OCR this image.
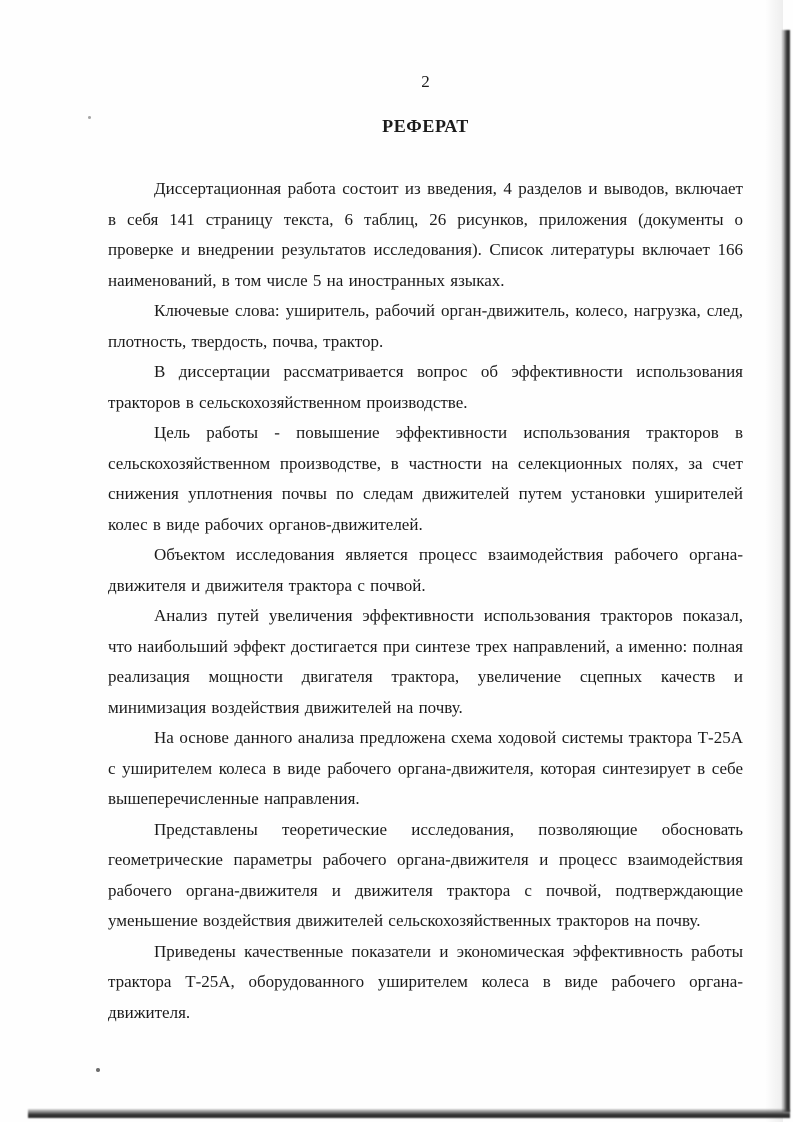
2
РЕФЕРАТ

Диссертационная работа состоит из введения, 4 разделов и выводов, включает в себя 141 страницу текста, 6 таблиц, 26 рисунков, приложения (документы о проверке и внедрении результатов исследования). Список литературы включает 166 наименований, в том числе 5 на иностранных языках.

Ключевые слова: уширитель, рабочий орган-движитель, колесо, нагрузка, след, плотность, твердость, почва, трактор.

В диссертации рассматривается вопрос об эффективности использования тракторов в сельскохозяйственном производстве.

Цель работы - повышение эффективности использования тракторов в сельскохозяйственном производстве, в частности на селекционных полях, за счет снижения уплотнения почвы по следам движителей путем установки уширителей колес в виде рабочих органов-движителей.

Объектом исследования является процесс взаимодействия рабочего органа-движителя и движителя трактора с почвой.

Анализ путей увеличения эффективности использования тракторов показал, что наибольший эффект достигается при синтезе трех направлений, а именно: полная реализация мощности двигателя трактора, увеличение сцепных качеств и минимизация воздействия движителей на почву.

На основе данного анализа предложена схема ходовой системы трактора Т-25А с уширителем колеса в виде рабочего органа-движителя, которая синтезирует в себе вышеперечисленные направления.

Представлены теоретические исследования, позволяющие обосновать геометрические параметры рабочего органа-движителя и процесс взаимодействия рабочего органа-движителя и движителя трактора с почвой, подтверждающие уменьшение воздействия движителей сельскохозяйственных тракторов на почву.

Приведены качественные показатели и экономическая эффективность работы трактора Т-25А, оборудованного уширителем колеса в виде рабочего органа-движителя.
